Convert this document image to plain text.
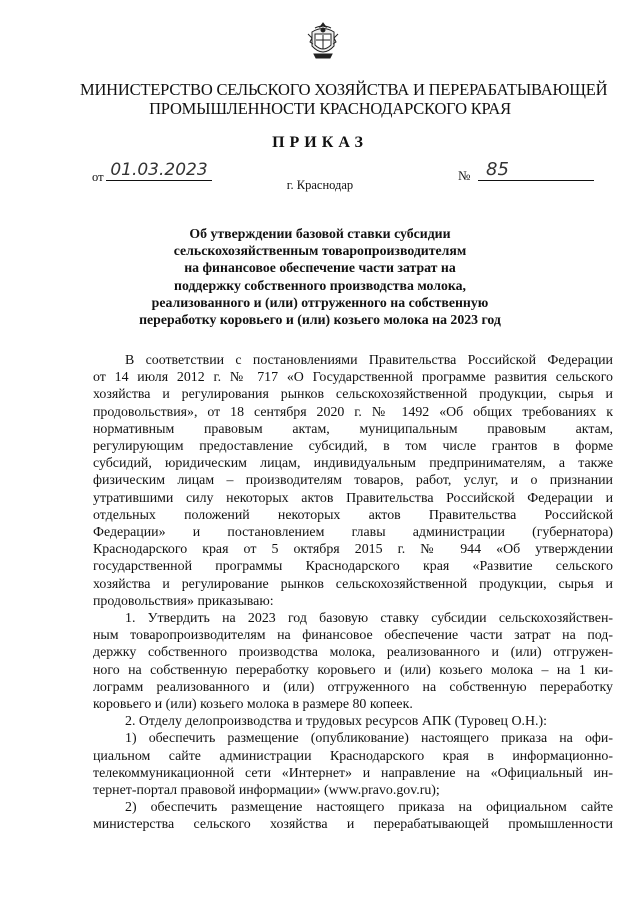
МИНИСТЕРСТВО СЕЛЬСКОГО ХОЗЯЙСТВА И ПЕРЕРАБАТЫВАЮЩЕЙ
ПРОМЫШЛЕННОСТИ КРАСНОДАРСКОГО КРАЯ
ПРИКАЗ
от 01.03.2023	№ 85
г. Краснодар
Об утверждении базовой ставки субсидии
сельскохозяйственным товаропроизводителям
на финансовое обеспечение части затрат на
поддержку собственного производства молока,
реализованного и (или) отгруженного на собственную
переработку коровьего и (или) козьего молока на 2023 год

В соответствии с постановлениями Правительства Российской Федерации
от 14 июля 2012 г. № 717 «О Государственной программе развития сельского
хозяйства и регулирования рынков сельскохозяйственной продукции, сырья и
продовольствия», от 18 сентября 2020 г. № 1492 «Об общих требованиях к
нормативным правовым актам, муниципальным правовым актам,
регулирующим предоставление субсидий, в том числе грантов в форме
субсидий, юридическим лицам, индивидуальным предпринимателям, а также
физическим лицам – производителям товаров, работ, услуг, и о признании
утратившими силу некоторых актов Правительства Российской Федерации и
отдельных положений некоторых актов Правительства Российской
Федерации» и постановлением главы администрации (губернатора)
Краснодарского края от 5 октября 2015 г. № 944 «Об утверждении
государственной программы Краснодарского края «Развитие сельского
хозяйства и регулирование рынков сельскохозяйственной продукции, сырья и
продовольствия» приказываю:

1. Утвердить на 2023 год базовую ставку субсидии сельскохозяйствен-
ным товаропроизводителям на финансовое обеспечение части затрат на под-
держку собственного производства молока, реализованного и (или) отгружен-
ного на собственную переработку коровьего и (или) козьего молока – на 1 ки-
лограмм реализованного и (или) отгруженного на собственную переработку
коровьего и (или) козьего молока в размере 80 копеек.

2. Отделу делопроизводства и трудовых ресурсов АПК (Туровец О.Н.):

1) обеспечить размещение (опубликование) настоящего приказа на офи-
циальном сайте администрации Краснодарского края в информационно-
телекоммуникационной сети «Интернет» и направление на «Официальный ин-
тернет-портал правовой информации» (www.pravo.gov.ru);

2) обеспечить размещение настоящего приказа на официальном сайте
министерства сельского хозяйства и перерабатывающей промышленности
